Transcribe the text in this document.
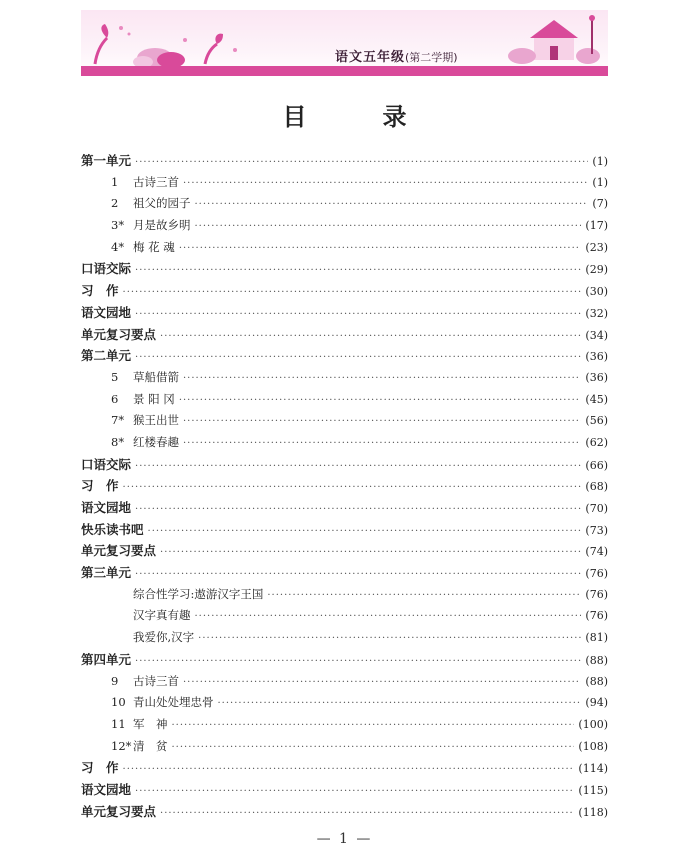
语文五年级(第二学期)
目　录
第一单元 ·····	(1)
1 古诗三首 ·····	(1)
2 祖父的园子 ·····	(7)
3* 月是故乡明 ·····	(17)
4* 梅 花 魂 ·····	(23)
口语交际 ·····	(29)
习　作 ·····	(30)
语文园地 ·····	(32)
单元复习要点 ·····	(34)
第二单元 ·····	(36)
5 草船借箭 ·····	(36)
6 景 阳 冈 ·····	(45)
7* 猴王出世 ·····	(56)
8* 红楼春趣 ·····	(62)
口语交际 ·····	(66)
习　作 ·····	(68)
语文园地 ·····	(70)
快乐读书吧 ·····	(73)
单元复习要点 ·····	(74)
第三单元 ·····	(76)
综合性学习:遨游汉字王国 ·····	(76)
汉字真有趣 ·····	(76)
我爱你,汉字 ·····	(81)
第四单元 ·····	(88)
9 古诗三首 ·····	(88)
10 青山处处埋忠骨 ·····	(94)
11 军　神 ·····	(100)
12* 清　贫 ·····	(108)
习　作 ·····	(114)
语文园地 ·····	(115)
单元复习要点 ·····	(118)
— 1 —
